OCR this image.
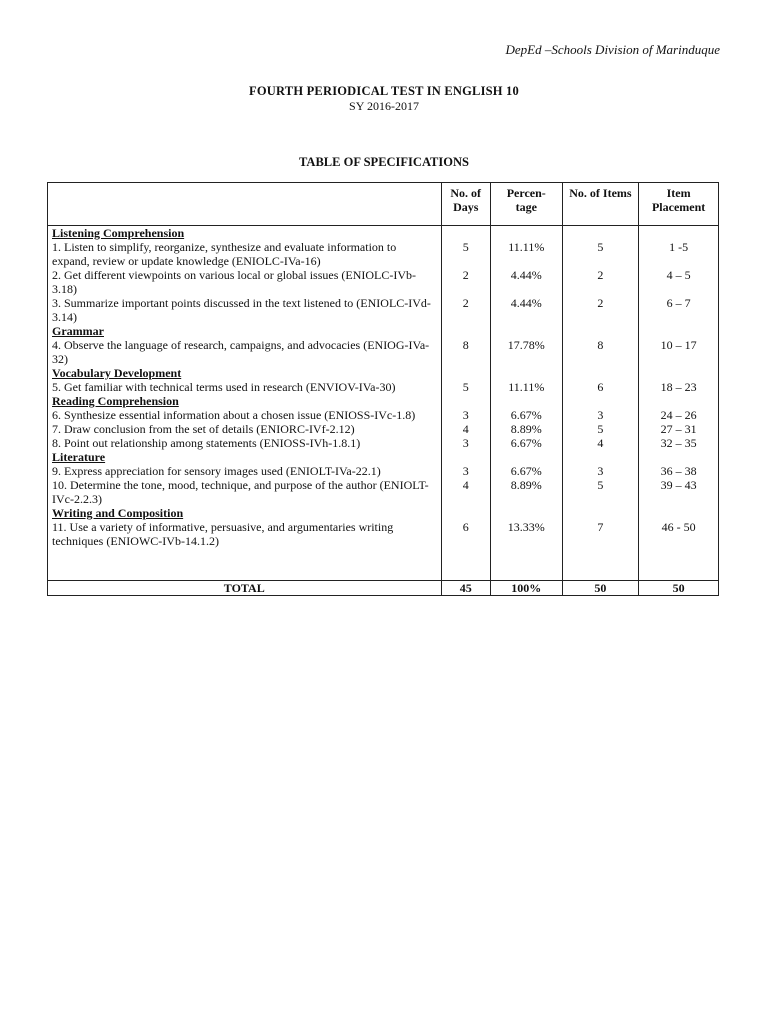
DepEd –Schools Division of Marinduque
FOURTH PERIODICAL TEST IN ENGLISH 10
SY 2016-2017
TABLE OF SPECIFICATIONS
	No. of Days	Percen- tage	No. of Items	Item Placement
Listening Comprehension				
1. Listen to simplify, reorganize, synthesize and evaluate information to expand, review or update knowledge (ENIOLC-IVa-16)	5	11.11%	5	1 -5
2. Get different viewpoints on various local or global issues (ENIOLC-IVb-3.18)	2	4.44%	2	4 – 5
3. Summarize important points discussed in the text listened to (ENIOLC-IVd-3.14)	2	4.44%	2	6 – 7
Grammar				
4. Observe the language of research, campaigns, and advocacies (ENIOG-IVa-32)	8	17.78%	8	10 – 17
Vocabulary Development				
5. Get familiar with technical terms used in research (ENVIOV-IVa-30)	5	11.11%	6	18 – 23
Reading Comprehension				
6. Synthesize essential information about a chosen issue (ENIOSS-IVc-1.8)	3	6.67%	3	24 – 26
7. Draw conclusion from the set of details (ENIORC-IVf-2.12)	4	8.89%	5	27 – 31
8. Point out relationship among statements (ENIOSS-IVh-1.8.1)	3	6.67%	4	32 – 35
Literature				
9. Express appreciation for sensory images used (ENIOLT-IVa-22.1)	3	6.67%	3	36 – 38
10. Determine the tone, mood, technique, and purpose of the author (ENIOLT-IVc-2.2.3)	4	8.89%	5	39 – 43
Writing and Composition				
11. Use a variety of informative, persuasive, and argumentaries writing techniques (ENIOWC-IVb-14.1.2)	6	13.33%	7	46 - 50

TOTAL	45	100%	50	50
